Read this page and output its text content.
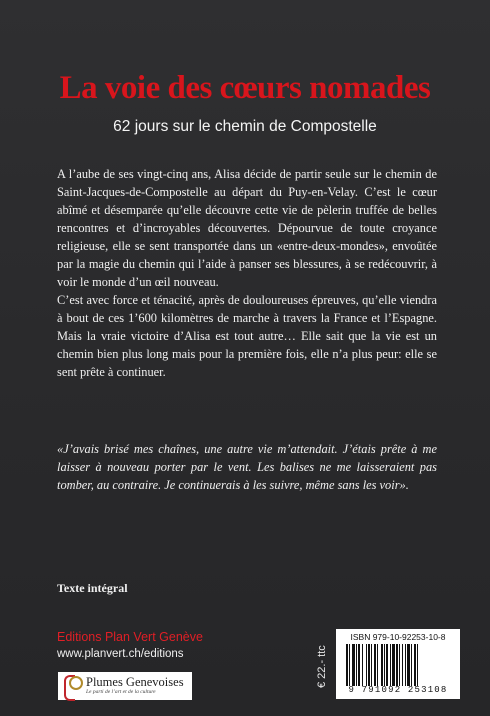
La voie des cœurs nomades
62 jours sur le chemin de Compostelle

A l’aube de ses vingt-cinq ans, Alisa décide de partir seule sur le chemin de Saint-Jacques-de-Compostelle au départ du Puy-en-Velay. C’est le cœur abîmé et désemparée qu’elle découvre cette vie de pèlerin truffée de belles rencontres et d’incroyables découvertes. Dépourvue de toute croyance religieuse, elle se sent transportée dans un «entre-deux-mondes», envoûtée par la magie du chemin qui l’aide à panser ses blessures, à se redécouvrir, à voir le monde d’un œil nouveau.

C’est avec force et ténacité, après de douloureuses épreuves, qu’elle viendra à bout de ces 1’600 kilomètres de marche à travers la France et l’Espagne. Mais la vraie victoire d’Alisa est tout autre… Elle sait que la vie est un chemin bien plus long mais pour la première fois, elle n’a plus peur: elle se sent prête à continuer.

«J’avais brisé mes chaînes, une autre vie m’attendait. J’étais prête à me laisser à nouveau porter par le vent. Les balises ne me laisseraient pas tomber, au contraire. Je continuerais à les suivre, même sans les voir».
Texte intégral
Editions Plan Vert Genève
www.planvert.ch/editions
Plumes Genevoises
Le parti de l’art et de la culture
€ 22.- ttc
ISBN 979-10-92253-10-8
9 791092 253108
